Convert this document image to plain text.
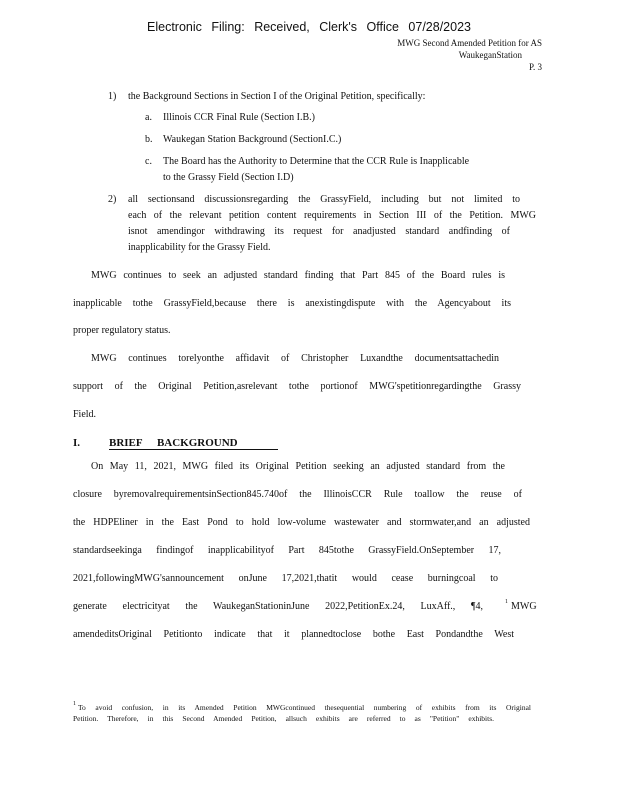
Electronic Filing: Received, Clerk's Office 07/28/2023
MWG Second Amended Petition for AS
WaukeganStation
P. 3
1) the Background Sections in Section I of the Original Petition, specifically:
a. Illinois CCR Final Rule (Section I.B.)
b. Waukegan Station Background (SectionI.C.)
c. The Board has the Authority to Determine that the CCR Rule is Inapplicable
to the Grassy Field (Section I.D)
2) all sectionsand discussionsregarding the GrassyField, including but not limited to
each of the relevant petition content requirements in Section III of the Petition. MWG
isnot amendingor withdrawing its request for anadjusted standard andfinding of
inapplicability for the Grassy Field.
MWG continues to seek an adjusted standard finding that Part 845 of the Board rules is
inapplicable tothe GrassyField,because there is anexistingdispute with the Agencyabout its
proper regulatory status.
MWG continues torelyonthe affidavit of Christopher Luxandthe documentsattachedin
support of the Original Petition,asrelevant tothe portionof MWG'spetitionregardingthe Grassy
Field.
I.	BRIEF BACKGROUND
On May 11, 2021, MWG filed its Original Petition seeking an adjusted standard from the
closure byremovalrequirementsinSection845.740of the IllinoisCCR Rule toallow the reuse of
the HDPEliner in the East Pond to hold low-volume wastewater and stormwater,and an adjusted
standardseekinga findingof inapplicabilityof Part 845tothe GrassyField.OnSeptember 17,
2021,followingMWG'sannouncement onJune 17,2021,thatit would cease burningcoal to
generate electricityat the WaukeganStationinJune 2022,PetitionEx.24, LuxAff., ¶4,	1 MWG
amendeditsOriginal Petitionto indicate that it plannedtoclose bothe East Pondandthe West
1 To avoid confusion, in its Amended Petition MWGcontinued thesequential numbering of exhibits from its Original
Petition. Therefore, in this Second Amended Petition, allsuch exhibits are referred to as "Petition" exhibits.
